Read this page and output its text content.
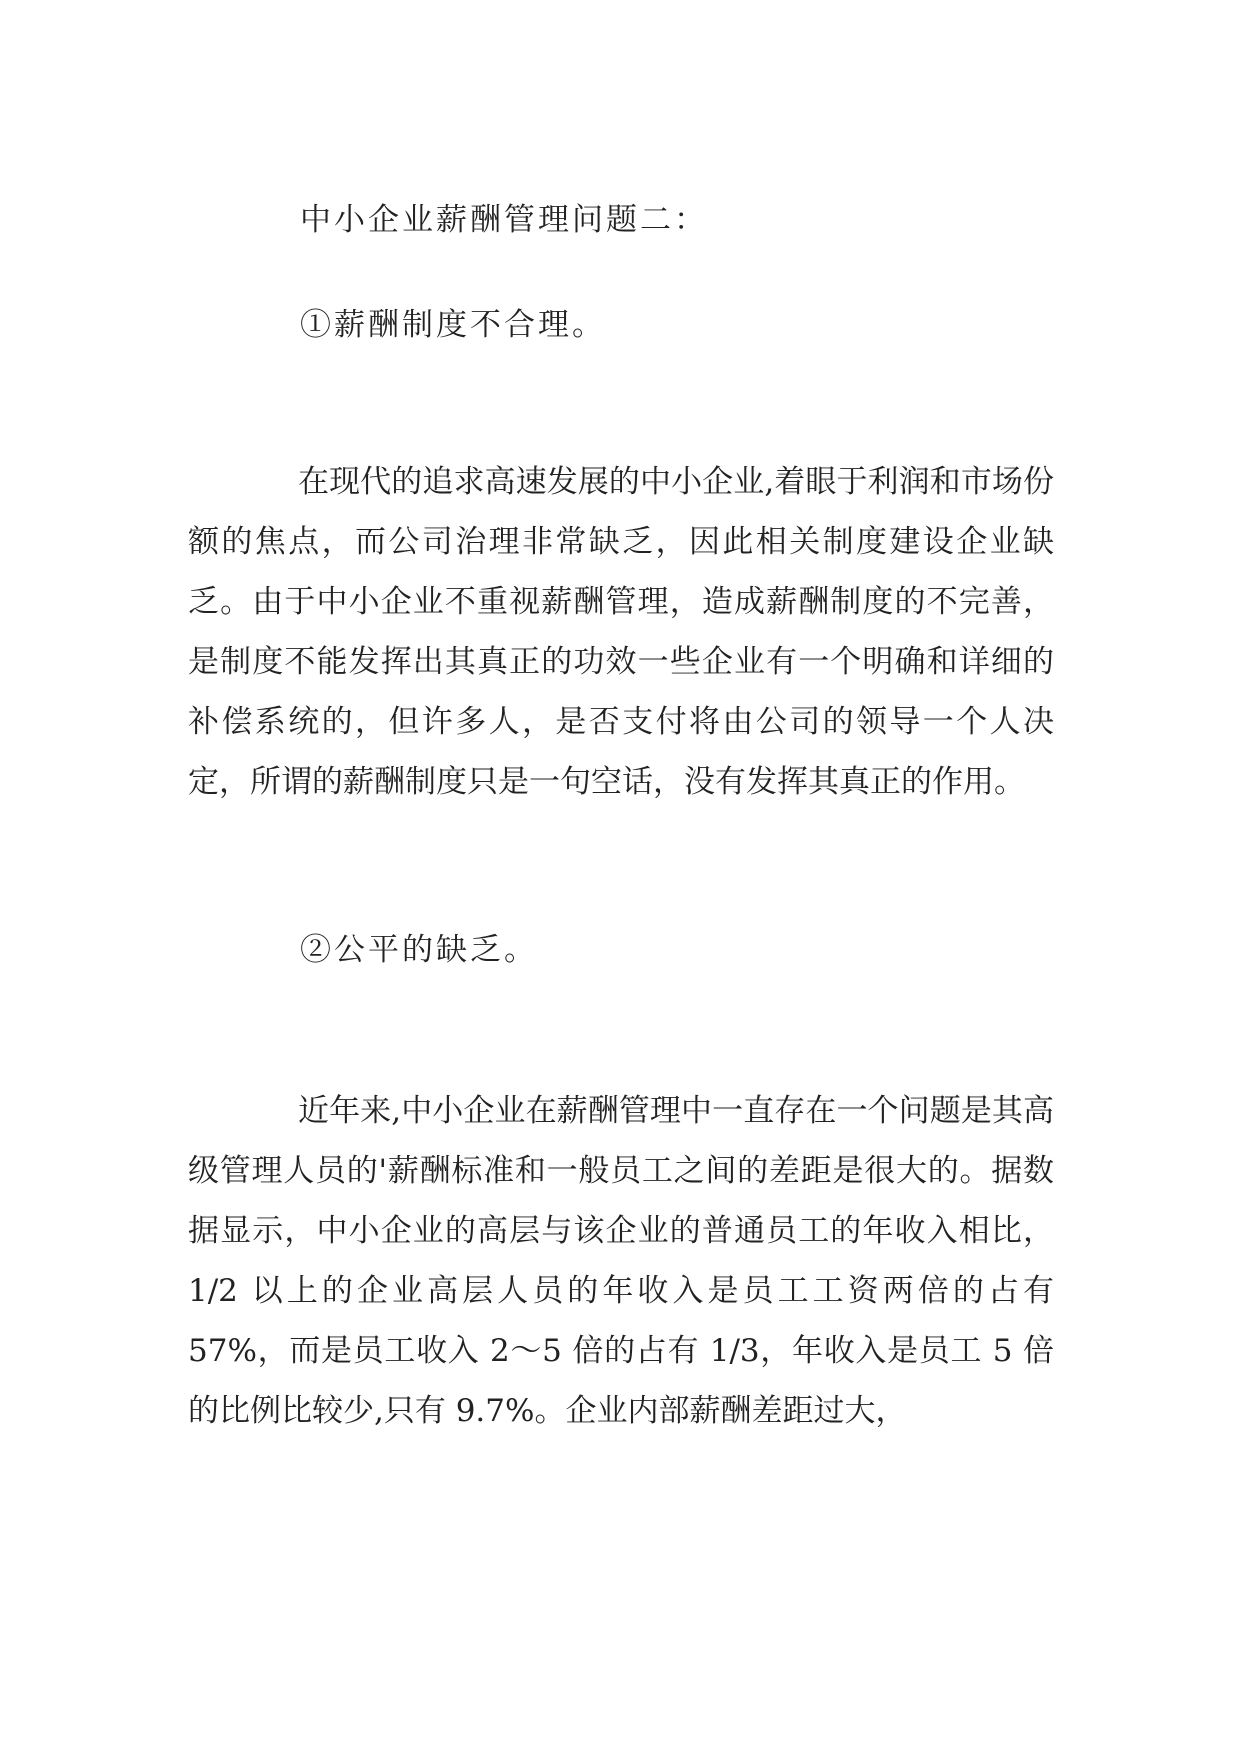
中小企业薪酬管理问题二：
①薪酬制度不合理。

在现代的追求高速发展的中小企业,着眼于利润和市场份额的焦点，而公司治理非常缺乏，因此相关制度建设企业缺乏。由于中小企业不重视薪酬管理，造成薪酬制度的不完善，是制度不能发挥出其真正的功效一些企业有一个明确和详细的补偿系统的，但许多人，是否支付将由公司的领导一个人决定，所谓的薪酬制度只是一句空话，没有发挥其真正的作用。

②公平的缺乏。

近年来,中小企业在薪酬管理中一直存在一个问题是其高级管理人员的'薪酬标准和一般员工之间的差距是很大的。据数据显示，中小企业的高层与该企业的普通员工的年收入相比，1/2 以上的企业高层人员的年收入是员工工资两倍的占有 57%，而是员工收入 2～5 倍的占有 1/3，年收入是员工 5 倍的比例比较少,只有 9.7%。企业内部薪酬差距过大，
